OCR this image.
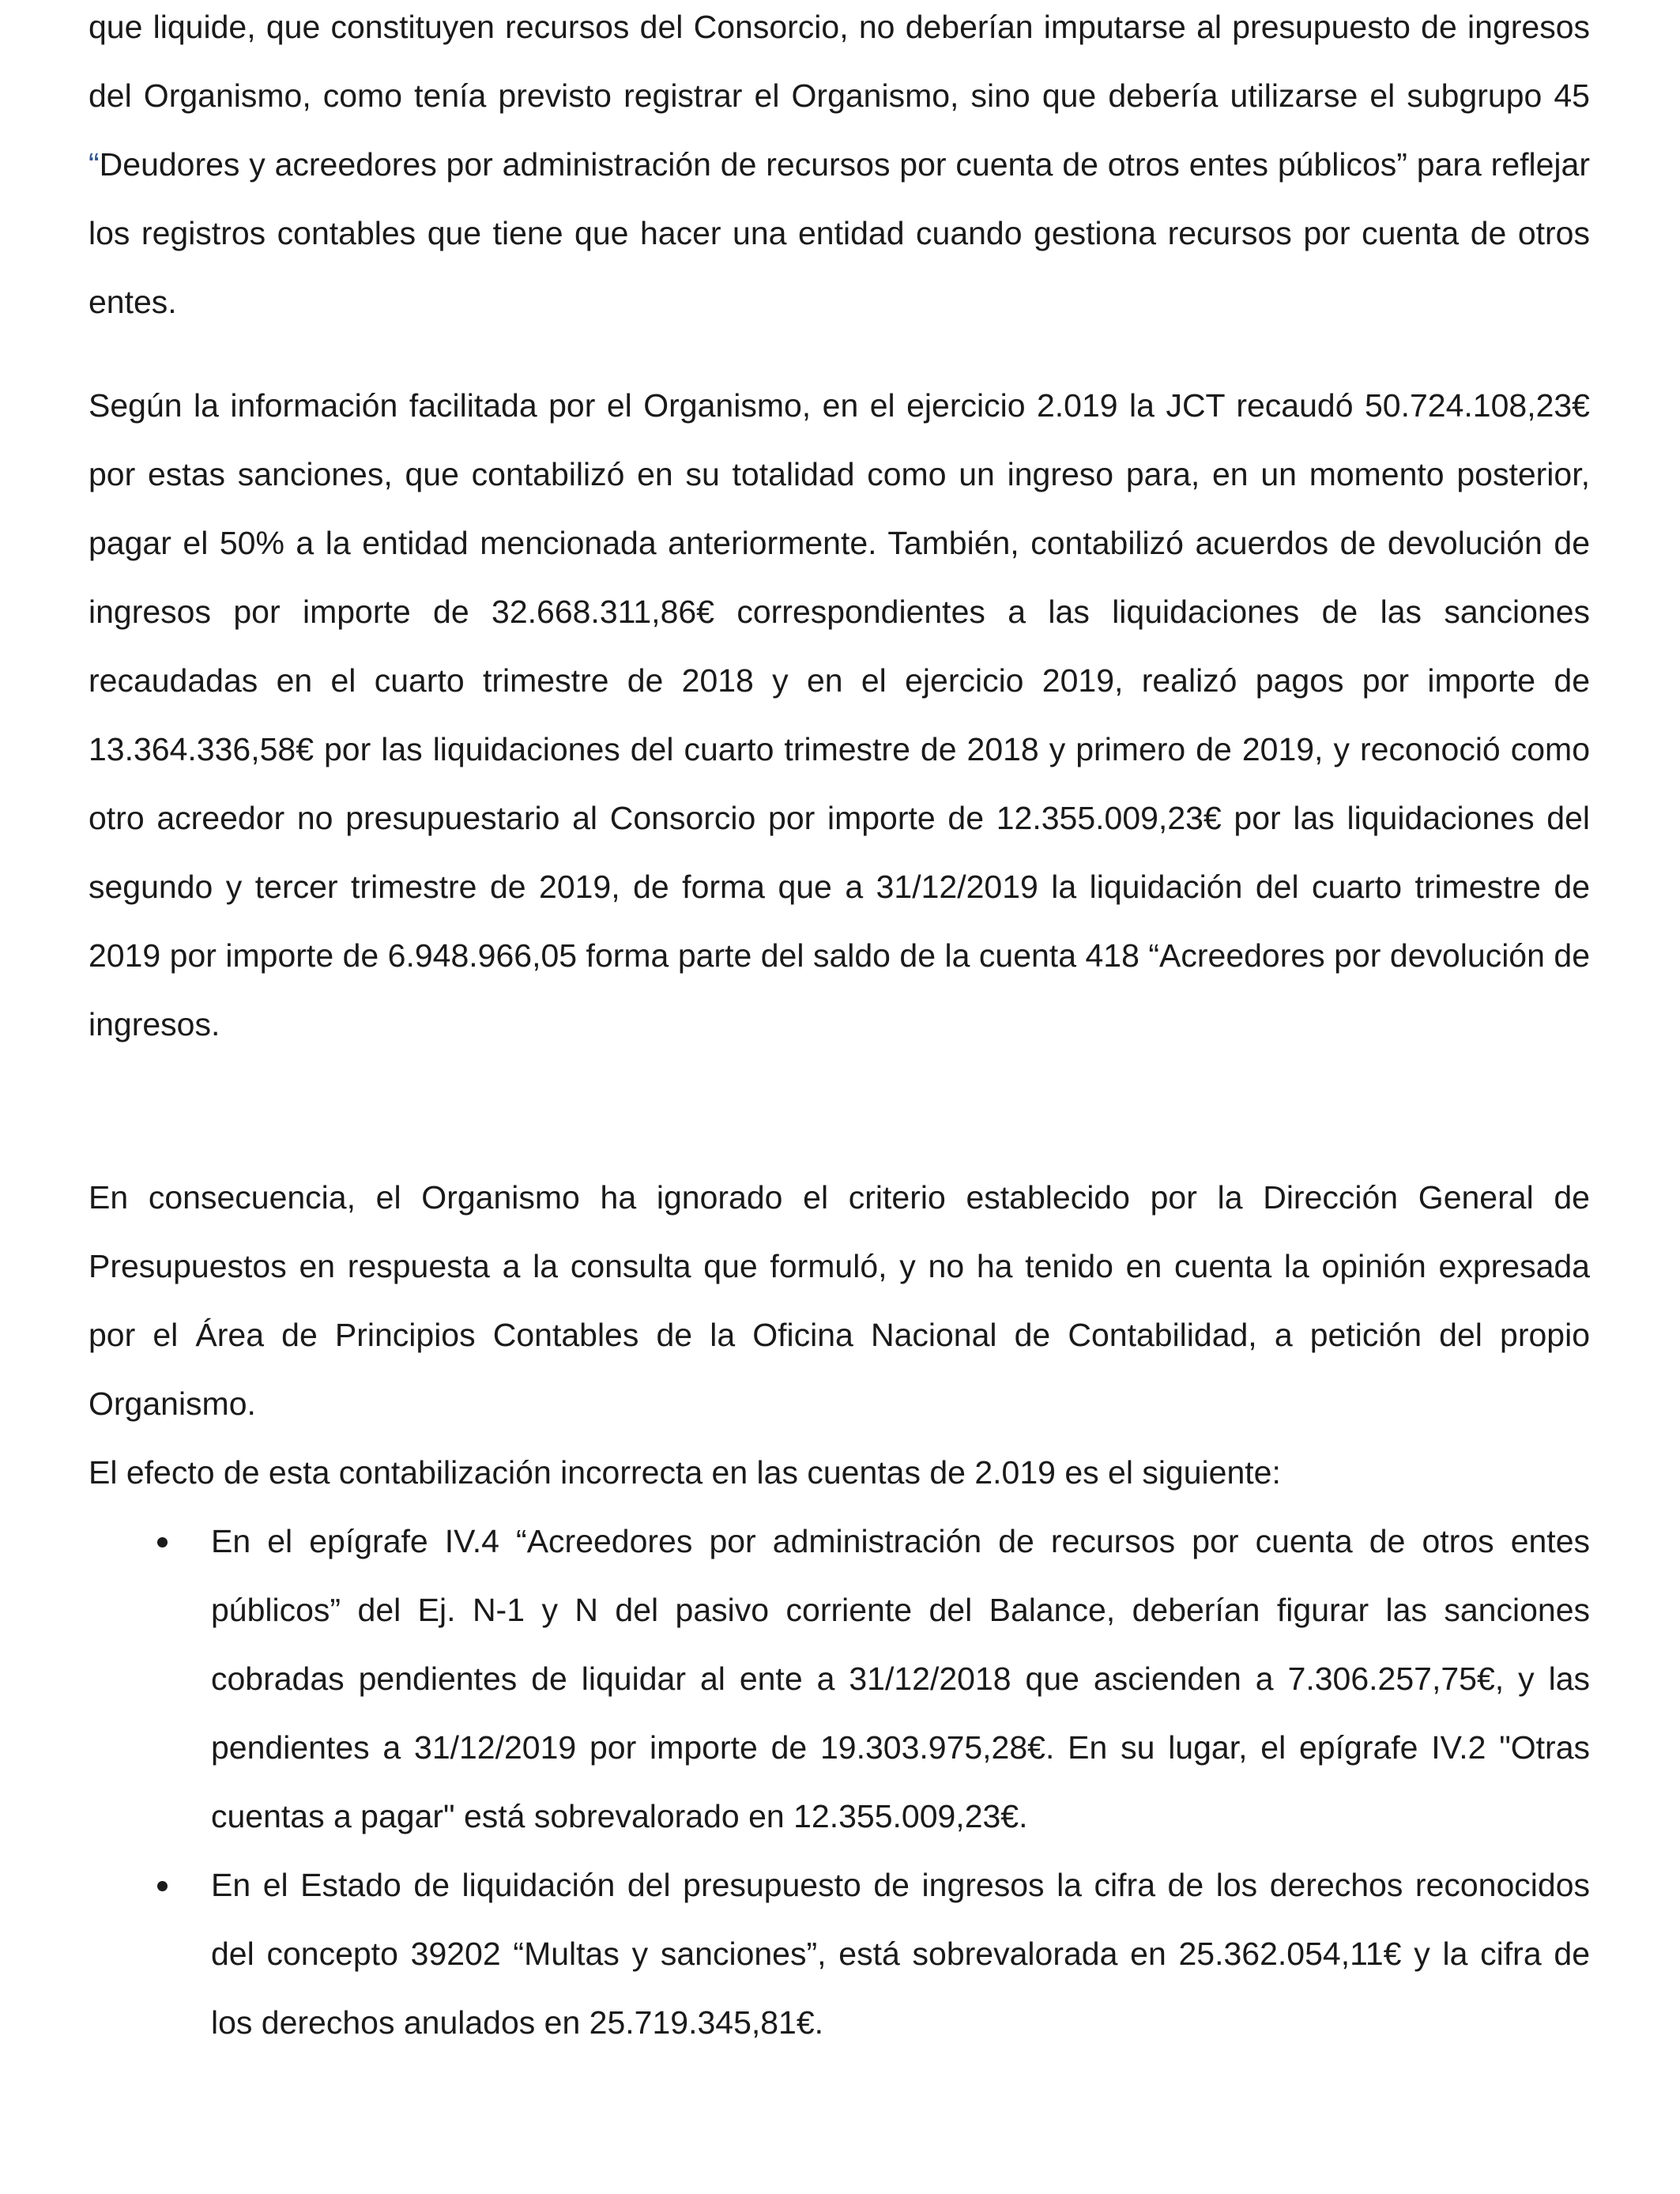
que liquide, que constituyen recursos del Consorcio, no deberían imputarse al presupuesto de ingresos del Organismo, como tenía previsto registrar el Organismo, sino que debería utilizarse el subgrupo 45 “Deudores y acreedores por administración de recursos por cuenta de otros entes públicos” para reflejar los registros contables que tiene que hacer una entidad cuando gestiona recursos por cuenta de otros entes.

Según la información facilitada por el Organismo, en el ejercicio 2.019 la JCT recaudó 50.724.108,23€ por estas sanciones, que contabilizó en su totalidad como un ingreso para, en un momento posterior, pagar el 50% a la entidad mencionada anteriormente. También, contabilizó acuerdos de devolución de ingresos por importe de 32.668.311,86€ correspondientes a las liquidaciones de las sanciones recaudadas en el cuarto trimestre de 2018 y en el ejercicio 2019, realizó pagos por importe de 13.364.336,58€ por las liquidaciones del cuarto trimestre de 2018 y primero de 2019, y reconoció como otro acreedor no presupuestario al Consorcio por importe de 12.355.009,23€ por las liquidaciones del segundo y tercer trimestre de 2019, de forma que a 31/12/2019 la liquidación del cuarto trimestre de 2019 por importe de 6.948.966,05 forma parte del saldo de la cuenta 418 “Acreedores por devolución de ingresos.

En consecuencia, el Organismo ha ignorado el criterio establecido por la Dirección General de Presupuestos en respuesta a la consulta que formuló, y no ha tenido en cuenta la opinión expresada por el Área de Principios Contables de la Oficina Nacional de Contabilidad, a petición del propio Organismo.

El efecto de esta contabilización incorrecta en las cuentas de 2.019 es el siguiente:

En el epígrafe IV.4 “Acreedores por administración de recursos por cuenta de otros entes públicos” del Ej. N-1 y N del pasivo corriente del Balance, deberían figurar las sanciones cobradas pendientes de liquidar al ente a 31/12/2018 que ascienden a 7.306.257,75€, y las pendientes a 31/12/2019 por importe de 19.303.975,28€. En su lugar, el epígrafe IV.2 "Otras cuentas a pagar" está sobrevalorado en 12.355.009,23€.
En el Estado de liquidación del presupuesto de ingresos la cifra de los derechos reconocidos del concepto 39202 “Multas y sanciones”, está sobrevalorada en 25.362.054,11€ y la cifra de los derechos anulados en 25.719.345,81€.
